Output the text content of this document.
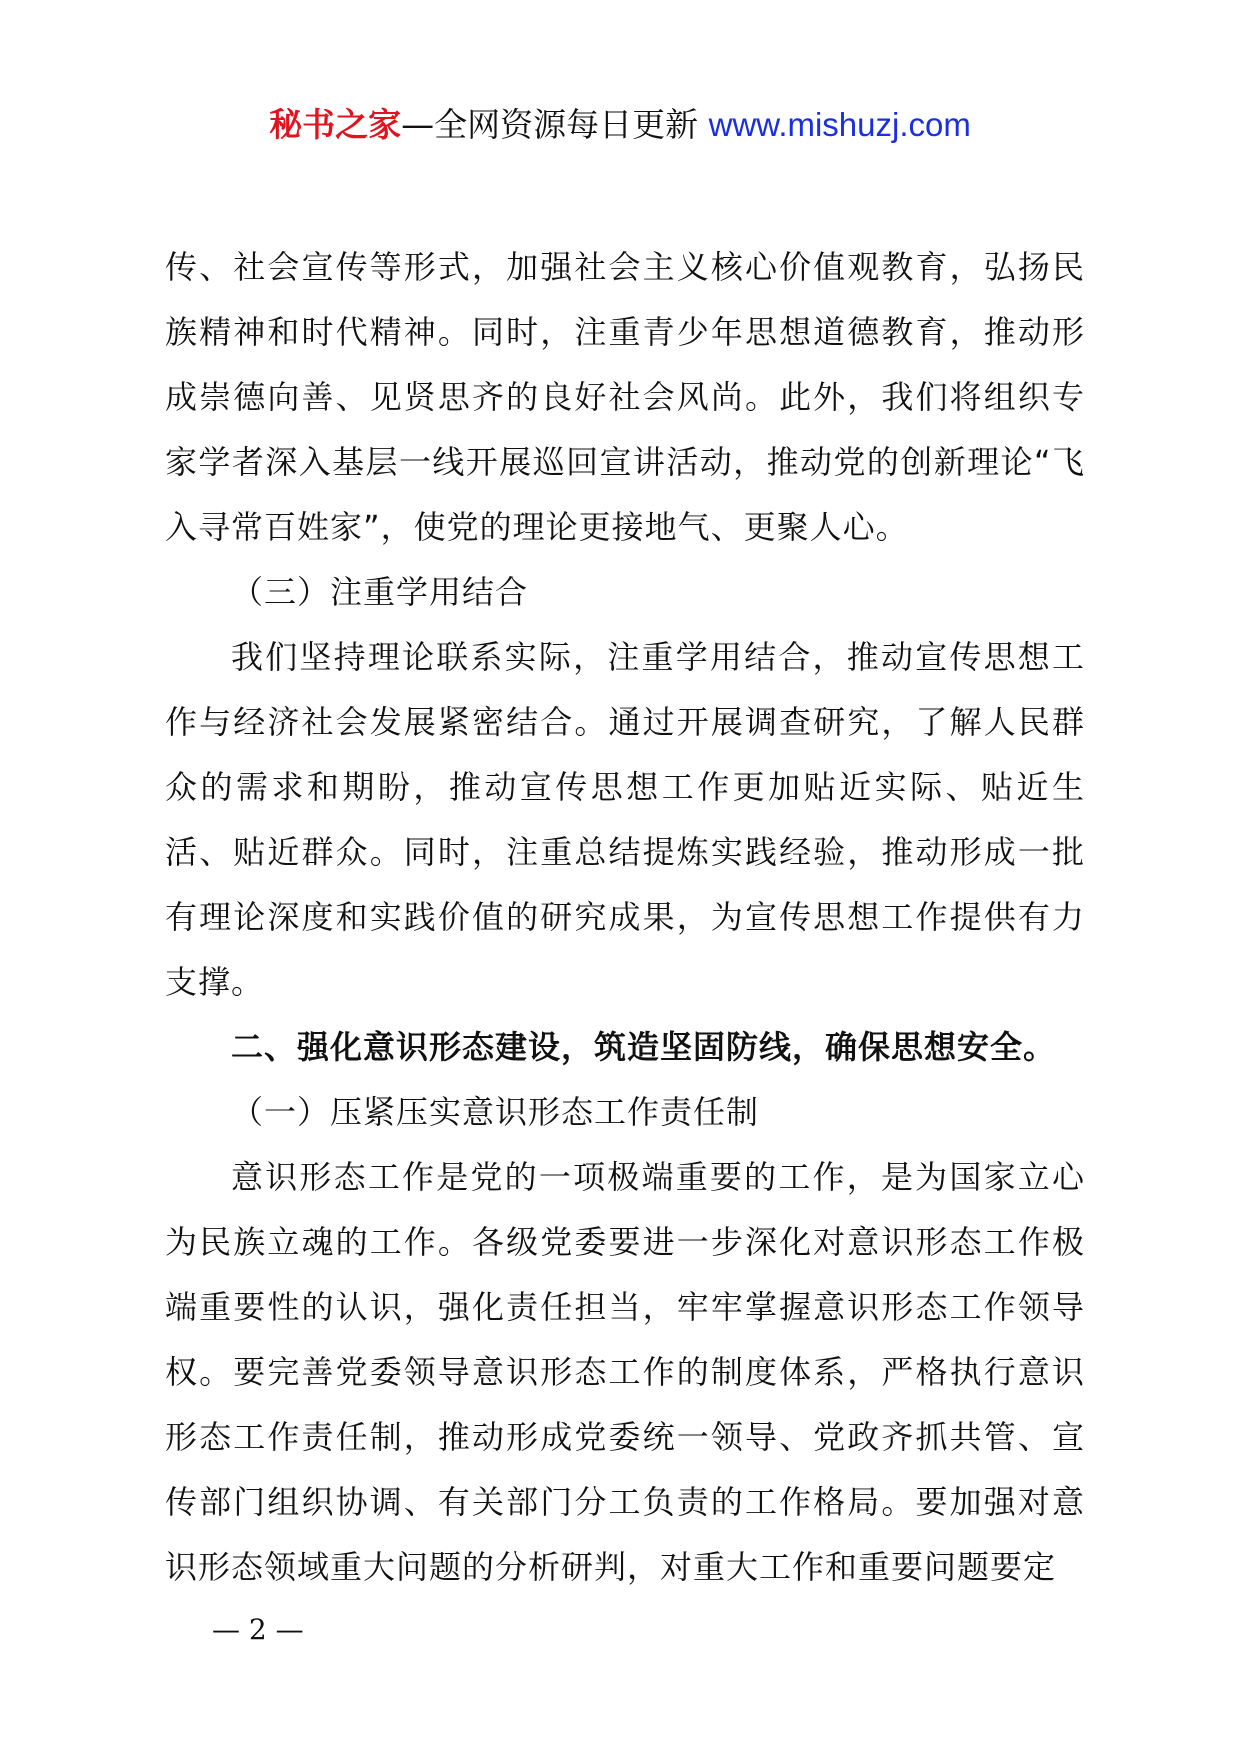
秘书之家—全网资源每日更新 www.mishuzj.com

传、社会宣传等形式，加强社会主义核心价值观教育，弘扬民族精神和时代精神。同时，注重青少年思想道德教育，推动形成崇德向善、见贤思齐的良好社会风尚。此外，我们将组织专家学者深入基层一线开展巡回宣讲活动，推动党的创新理论“飞入寻常百姓家”，使党的理论更接地气、更聚人心。

（三）注重学用结合

我们坚持理论联系实际，注重学用结合，推动宣传思想工作与经济社会发展紧密结合。通过开展调查研究，了解人民群众的需求和期盼，推动宣传思想工作更加贴近实际、贴近生活、贴近群众。同时，注重总结提炼实践经验，推动形成一批有理论深度和实践价值的研究成果，为宣传思想工作提供有力支撑。

二、强化意识形态建设，筑造坚固防线，确保思想安全。

（一）压紧压实意识形态工作责任制

意识形态工作是党的一项极端重要的工作，是为国家立心为民族立魂的工作。各级党委要进一步深化对意识形态工作极端重要性的认识，强化责任担当，牢牢掌握意识形态工作领导权。要完善党委领导意识形态工作的制度体系，严格执行意识形态工作责任制，推动形成党委统一领导、党政齐抓共管、宣传部门组织协调、有关部门分工负责的工作格局。要加强对意识形态领域重大问题的分析研判，对重大工作和重要问题要定

— 2 —
